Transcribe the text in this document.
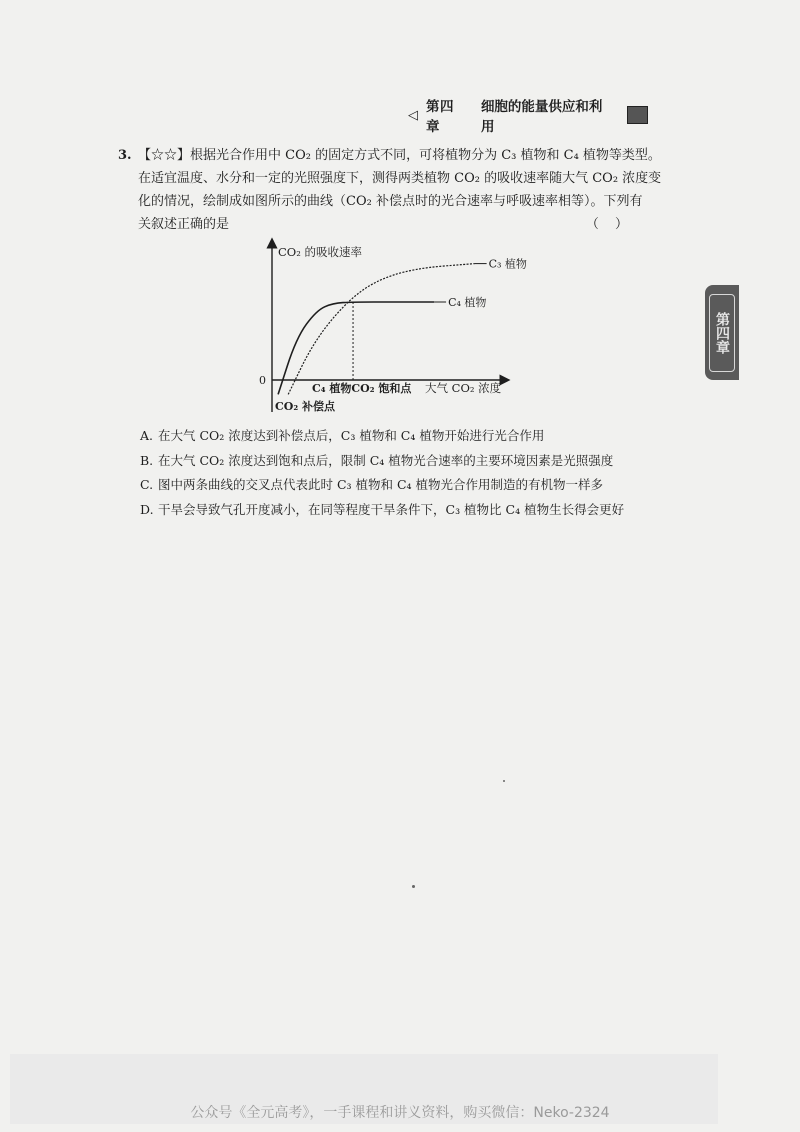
◁ 第四章
细胞的能量供应和利用
第四章
3. 【☆☆】根据光合作用中 CO₂ 的固定方式不同，可将植物分为 C₃ 植物和 C₄ 植物等类型。
在适宜温度、水分和一定的光照强度下，测得两类植物 CO₂ 的吸收速率随大气 CO₂ 浓度变
化的情况，绘制成如图所示的曲线（CO₂ 补偿点时的光合速率与呼吸速率相等）。下列有
关叙述正确的是	（ ）
CO₂ 的吸收速率
0
大气 CO₂ 浓度
C₃ 植物
C₄ 植物
C₄ 植物CO₂ 饱和点
CO₂ 补偿点
A. 在大气 CO₂ 浓度达到补偿点后，C₃ 植物和 C₄ 植物开始进行光合作用
B. 在大气 CO₂ 浓度达到饱和点后，限制 C₄ 植物光合速率的主要环境因素是光照强度
C. 图中两条曲线的交叉点代表此时 C₃ 植物和 C₄ 植物光合作用制造的有机物一样多
D. 干旱会导致气孔开度减小，在同等程度干旱条件下，C₃ 植物比 C₄ 植物生长得会更好
公众号《全元高考》，一手课程和讲义资料，购买微信：Neko-2324
